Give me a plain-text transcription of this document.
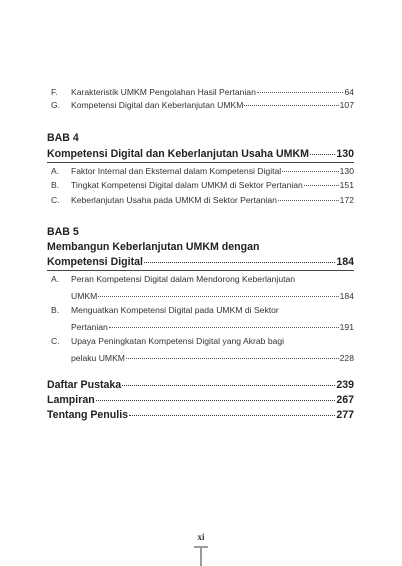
F.	Karakteristik UMKM Pengolahan Hasil Pertanian	64
G.	Kompetensi Digital dan Keberlanjutan UMKM	107
BAB 4
Kompetensi Digital dan Keberlanjutan Usaha UMKM	130
A.	Faktor Internal dan Eksternal dalam Kompetensi Digital	130
B.	Tingkat Kompetensi Digital dalam UMKM di Sektor Pertanian	151
C.	Keberlanjutan Usaha pada UMKM di Sektor Pertanian	172
BAB 5
Membangun Keberlanjutan UMKM dengan
Kompetensi Digital	184
A.	Peran Kompetensi Digital dalam Mendorong Keberlanjutan
UMKM	184
B.	Menguatkan Kompetensi Digital pada UMKM di Sektor
Pertanian	191
C.	Upaya Peningkatan Kompetensi Digital yang Akrab bagi
pelaku UMKM	228
Daftar Pustaka	239
Lampiran	267
Tentang Penulis	277
xi
